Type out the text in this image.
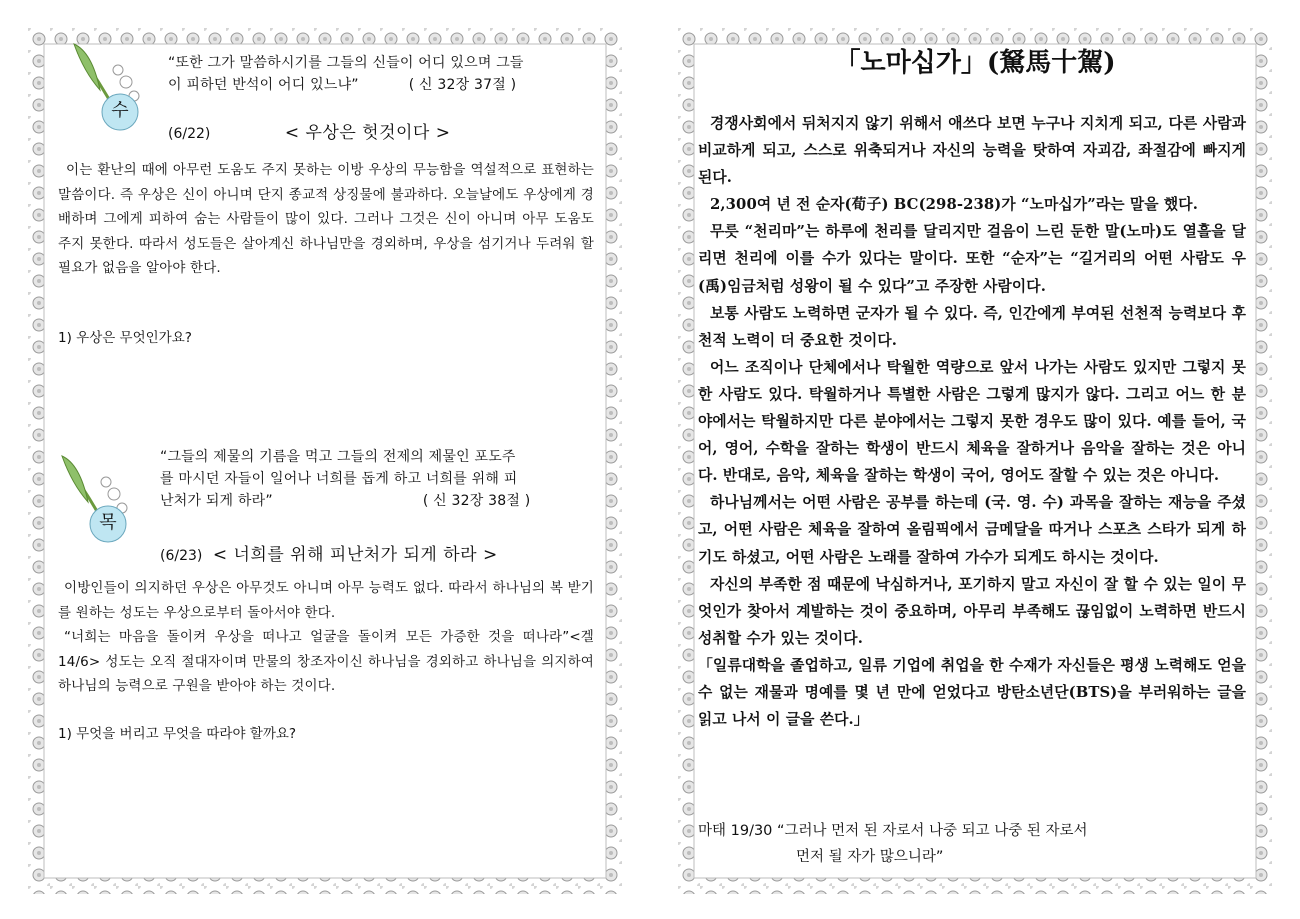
수
“또한 그가 말씀하시기를 그들의 신들이 어디 있으며 그들
이 피하던 반석이 어디 있느냐”	( 신 32장 37절 )
(6/22)	< 우상은 헛것이다 >

이는 환난의 때에 아무런 도움도 주지 못하는 이방 우상의 무능함을 역설적으로 표현하는 말씀이다. 즉 우상은 신이 아니며 단지 종교적 상징물에 불과하다. 오늘날에도 우상에게 경배하며 그에게 피하여 숨는 사람들이 많이 있다. 그러나 그것은 신이 아니며 아무 도움도 주지 못한다. 따라서 성도들은 살아계신 하나님만을 경외하며, 우상을 섬기거나 두려워 할 필요가 없음을 알아야 한다.

1) 우상은 무엇인가요?
목
“그들의 제물의 기름을 먹고 그들의 전제의 제물인 포도주
를 마시던 자들이 일어나 너희를 돕게 하고 너희를 위해 피
난처가 되게 하라”	( 신 32장 38절 )
(6/23) < 너희를 위해 피난처가 되게 하라 >

이방인들이 의지하던 우상은 아무것도 아니며 아무 능력도 없다. 따라서 하나님의 복 받기를 원하는 성도는 우상으로부터 돌아서야 한다.

“너희는 마음을 돌이켜 우상을 떠나고 얼굴을 돌이켜 모든 가증한 것을 떠나라”<겔14/6> 성도는 오직 절대자이며 만물의 창조자이신 하나님을 경외하고 하나님을 의지하여 하나님의 능력으로 구원을 받아야 하는 것이다.

1) 무엇을 버리고 무엇을 따라야 할까요?
「노마십가」(駑馬十駕)

경쟁사회에서 뒤처지지 않기 위해서 애쓰다 보면 누구나 지치게 되고, 다른 사람과 비교하게 되고, 스스로 위축되거나 자신의 능력을 탓하여 자괴감, 좌절감에 빠지게 된다.

2,300여 년 전 순자(荀子) BC(298-238)가 “노마십가”라는 말을 했다.

무릇 “천리마”는 하루에 천리를 달리지만 걸음이 느린 둔한 말(노마)도 열흘을 달리면 천리에 이를 수가 있다는 말이다. 또한 “순자”는 “길거리의 어떤 사람도 우(禹)임금처럼 성왕이 될 수 있다”고 주장한 사람이다.

보통 사람도 노력하면 군자가 될 수 있다. 즉, 인간에게 부여된 선천적 능력보다 후천적 노력이 더 중요한 것이다.

어느 조직이나 단체에서나 탁월한 역량으로 앞서 나가는 사람도 있지만 그렇지 못한 사람도 있다. 탁월하거나 특별한 사람은 그렇게 많지가 않다. 그리고 어느 한 분야에서는 탁월하지만 다른 분야에서는 그렇지 못한 경우도 많이 있다. 예를 들어, 국어, 영어, 수학을 잘하는 학생이 반드시 체육을 잘하거나 음악을 잘하는 것은 아니다. 반대로, 음악, 체육을 잘하는 학생이 국어, 영어도 잘할 수 있는 것은 아니다.

하나님께서는 어떤 사람은 공부를 하는데 (국. 영. 수) 과목을 잘하는 재능을 주셨고, 어떤 사람은 체육을 잘하여 올림픽에서 금메달을 따거나 스포츠 스타가 되게 하기도 하셨고, 어떤 사람은 노래를 잘하여 가수가 되게도 하시는 것이다.

자신의 부족한 점 때문에 낙심하거나, 포기하지 말고 자신이 잘 할 수 있는 일이 무엇인가 찾아서 계발하는 것이 중요하며, 아무리 부족해도 끊임없이 노력하면 반드시 성취할 수가 있는 것이다.

「일류대학을 졸업하고, 일류 기업에 취업을 한 수재가 자신들은 평생 노력해도 얻을 수 없는 재물과 명예를 몇 년 만에 얻었다고 방탄소년단(BTS)을 부러워하는 글을 읽고 나서 이 글을 쓴다.」

마태 19/30 “그러나 먼저 된 자로서 나중 되고 나중 된 자로서
먼저 될 자가 많으니라”
